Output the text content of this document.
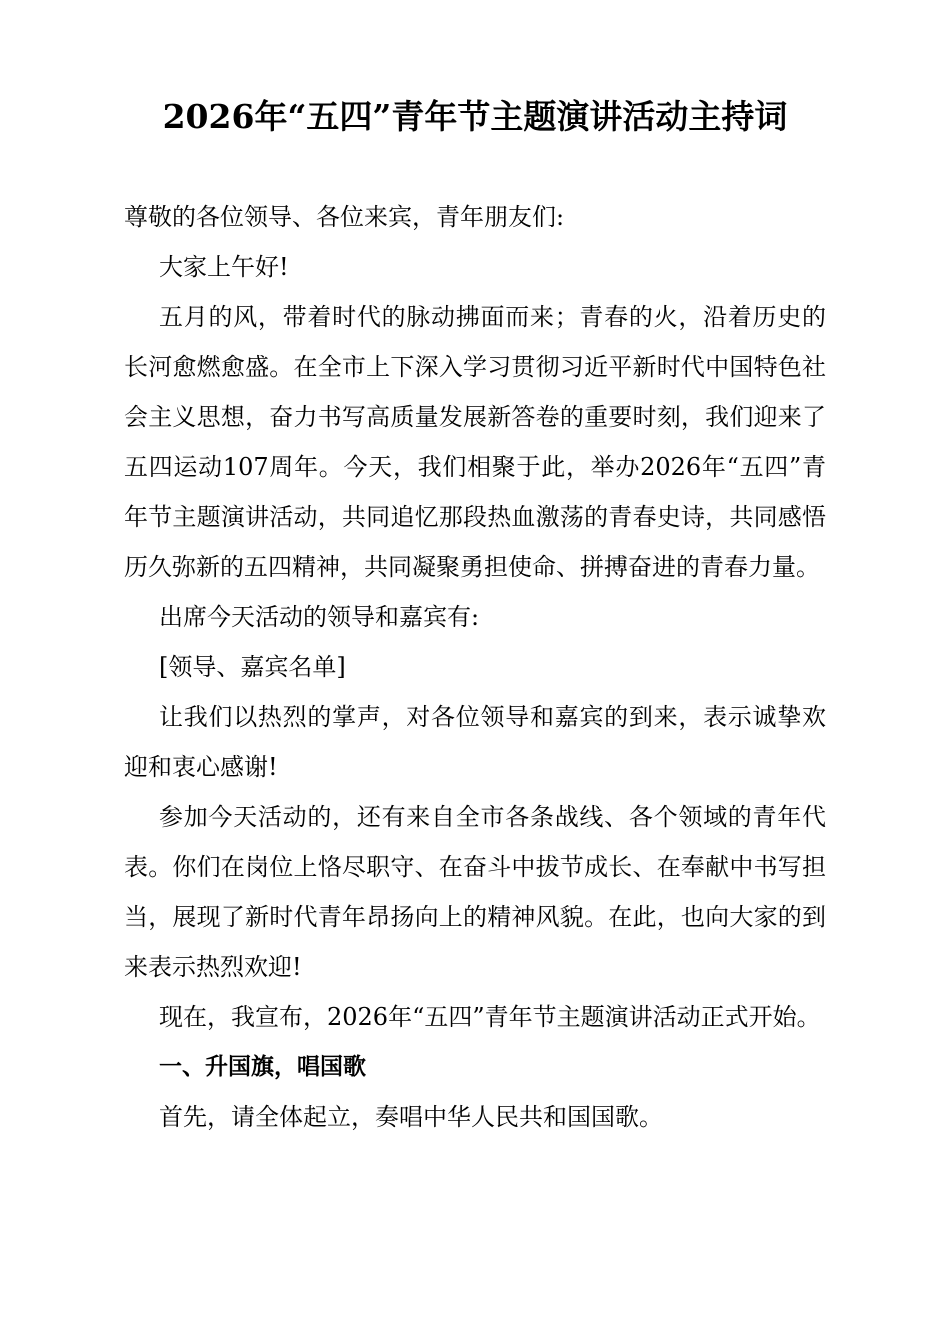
2026年“五四”青年节主题演讲活动主持词

尊敬的各位领导、各位来宾，青年朋友们:

大家上午好!

五月的风，带着时代的脉动拂面而来；青春的火，沿着历史的长河愈燃愈盛。在全市上下深入学习贯彻习近平新时代中国特色社会主义思想，奋力书写高质量发展新答卷的重要时刻，我们迎来了五四运动107周年。今天，我们相聚于此，举办2026年“五四”青年节主题演讲活动，共同追忆那段热血激荡的青春史诗，共同感悟历久弥新的五四精神，共同凝聚勇担使命、拼搏奋进的青春力量。

出席今天活动的领导和嘉宾有:

[领导、嘉宾名单]

让我们以热烈的掌声，对各位领导和嘉宾的到来，表示诚挚欢迎和衷心感谢!

参加今天活动的，还有来自全市各条战线、各个领域的青年代表。你们在岗位上恪尽职守、在奋斗中拔节成长、在奉献中书写担当，展现了新时代青年昂扬向上的精神风貌。在此，也向大家的到来表示热烈欢迎!

现在，我宣布，2026年“五四”青年节主题演讲活动正式开始。

一、升国旗，唱国歌

首先，请全体起立，奏唱中华人民共和国国歌。
